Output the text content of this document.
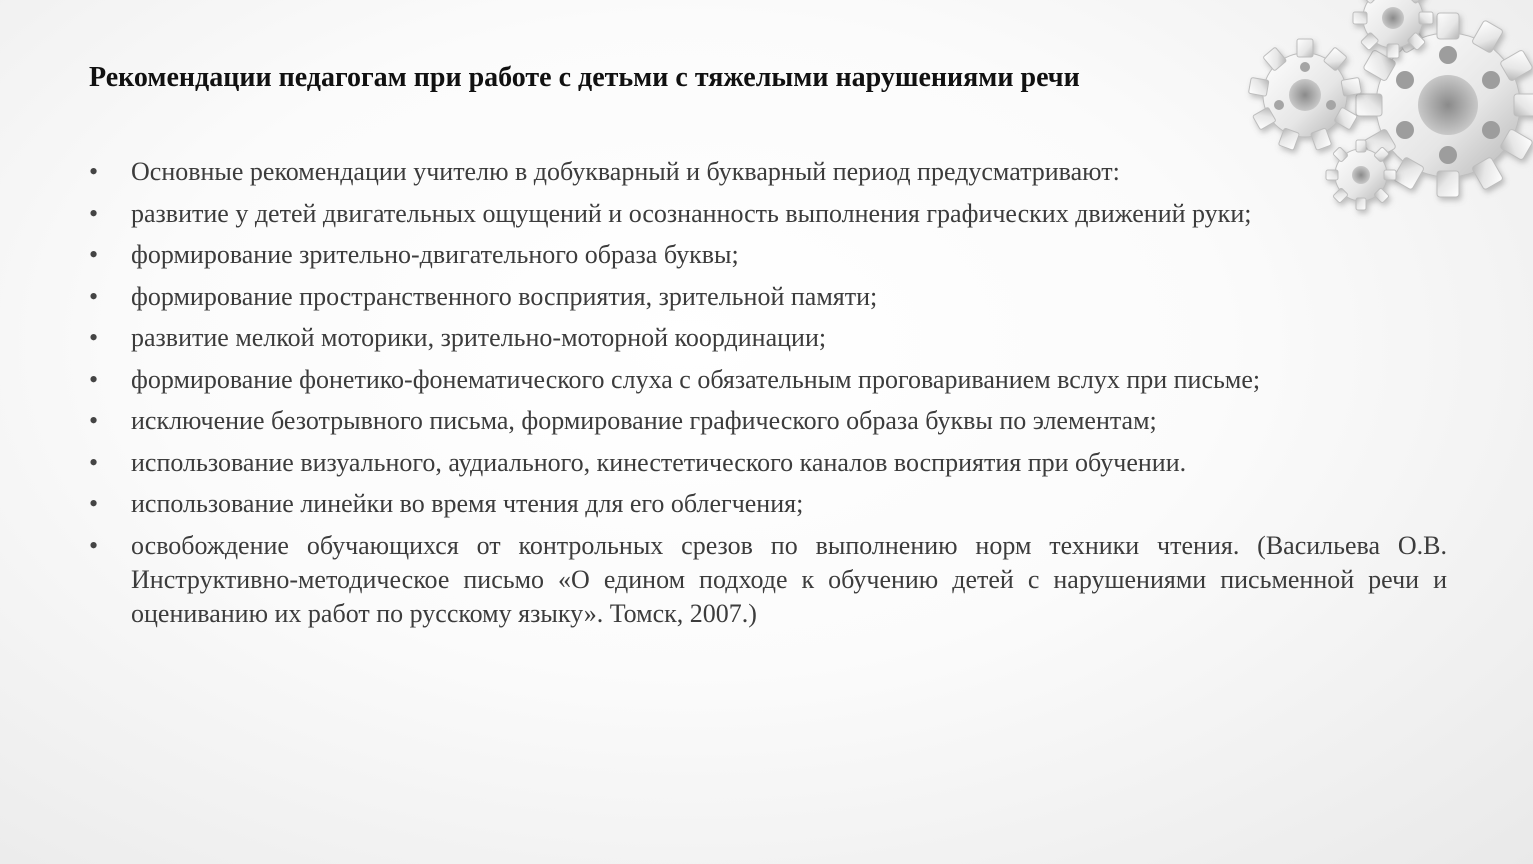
Рекомендации педагогам при работе с детьми с тяжелыми нарушениями речи
•	Основные рекомендации учителю в добукварный и букварный период предусматривают:
•	развитие у детей двигательных ощущений и осознанность выполнения графических движений руки;
•	формирование зрительно-двигательного образа буквы;
•	формирование пространственного восприятия, зрительной памяти;
•	развитие мелкой моторики, зрительно-моторной координации;
•	формирование фонетико-фонематического слуха с обязательным проговариванием вслух при письме;
•	исключение безотрывного письма, формирование графического образа буквы по элементам;
•	использование визуального, аудиального, кинестетического каналов восприятия при обучении.
•	использование линейки во время чтения для его облегчения;
•	освобождение обучающихся от контрольных срезов по выполнению норм техники чтения. (Васильева О.В. Инструктивно-методическое письмо «О едином подходе к обучению детей с нарушениями письменной речи и оцениванию их работ по русскому языку». Томск, 2007.)
